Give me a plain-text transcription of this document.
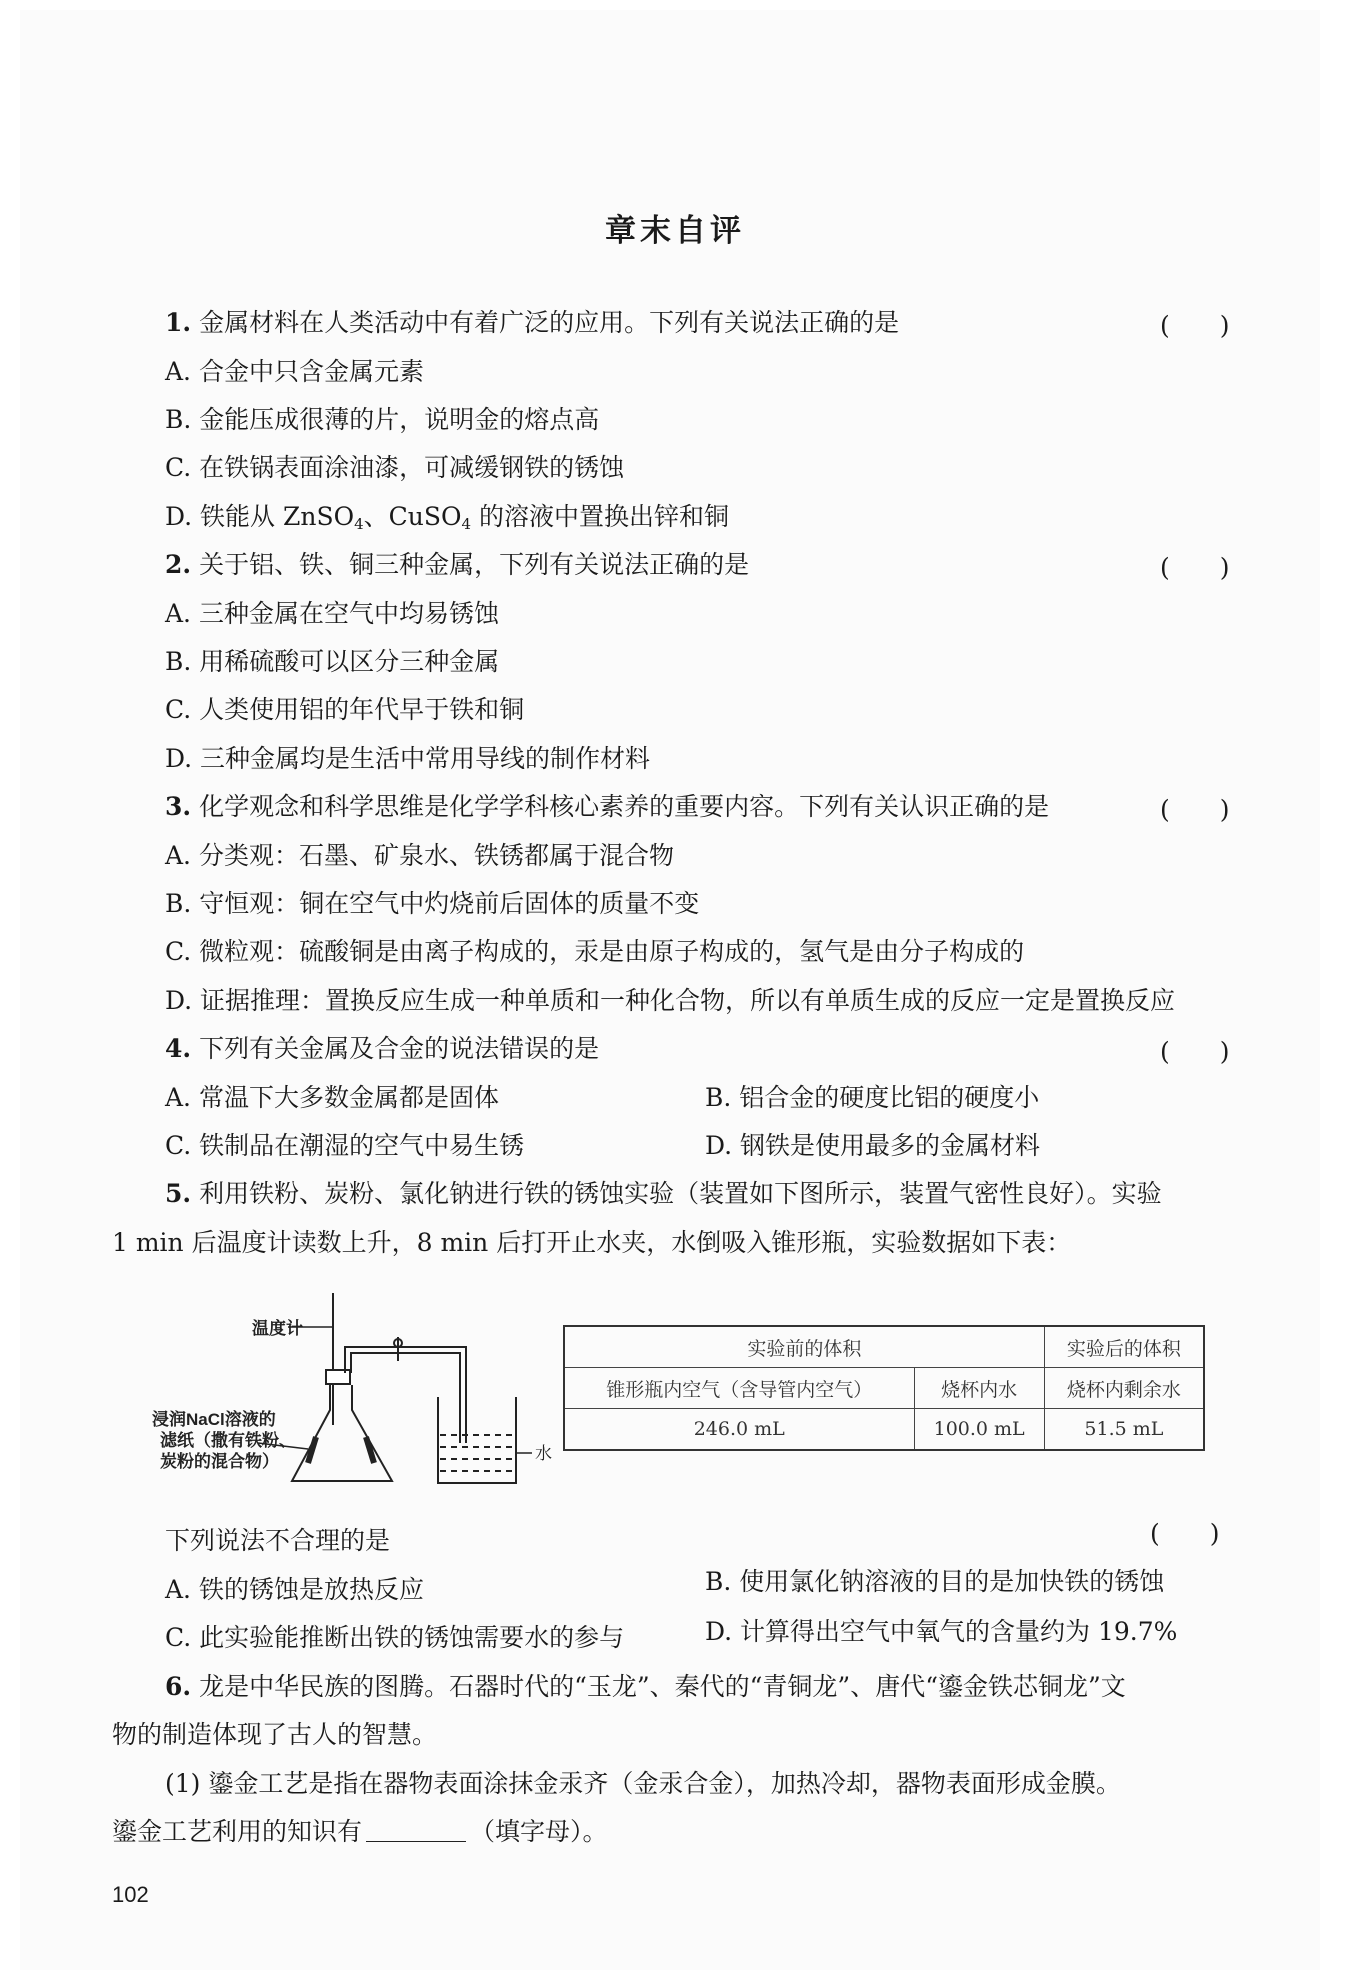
章末自评
1. 金属材料在人类活动中有着广泛的应用。下列有关说法正确的是	(　　)
A. 合金中只含金属元素
B. 金能压成很薄的片，说明金的熔点高
C. 在铁锅表面涂油漆，可减缓钢铁的锈蚀
D. 铁能从 ZnSO$_4$、CuSO$_4$ 的溶液中置换出锌和铜
2. 关于铝、铁、铜三种金属，下列有关说法正确的是	(　　)
A. 三种金属在空气中均易锈蚀
B. 用稀硫酸可以区分三种金属
C. 人类使用铝的年代早于铁和铜
D. 三种金属均是生活中常用导线的制作材料
3. 化学观念和科学思维是化学学科核心素养的重要内容。下列有关认识正确的是	(　　)
A. 分类观：石墨、矿泉水、铁锈都属于混合物
B. 守恒观：铜在空气中灼烧前后固体的质量不变
C. 微粒观：硫酸铜是由离子构成的，汞是由原子构成的，氢气是由分子构成的
D. 证据推理：置换反应生成一种单质和一种化合物，所以有单质生成的反应一定是置换反应
4. 下列有关金属及合金的说法错误的是	(　　)
A. 常温下大多数金属都是固体	B. 铝合金的硬度比铝的硬度小
C. 铁制品在潮湿的空气中易生锈	D. 钢铁是使用最多的金属材料
5. 利用铁粉、炭粉、氯化钠进行铁的锈蚀实验（装置如下图所示，装置气密性良好）。实验
1 min 后温度计读数上升，8 min 后打开止水夹，水倒吸入锥形瓶，实验数据如下表：
温度计
浸润NaCl溶液的
滤纸（撒有铁粉、
炭粉的混合物）	水
实验前的体积		实验后的体积
锥形瓶内空气（含导管内空气）	烧杯内水	烧杯内剩余水
246.0 mL	100.0 mL	51.5 mL
下列说法不合理的是	(　　)
A. 铁的锈蚀是放热反应	B. 使用氯化钠溶液的目的是加快铁的锈蚀
C. 此实验能推断出铁的锈蚀需要水的参与	D. 计算得出空气中氧气的含量约为 19.7%
6. 龙是中华民族的图腾。石器时代的“玉龙”、秦代的“青铜龙”、唐代“鎏金铁芯铜龙”文
物的制造体现了古人的智慧。
(1) 鎏金工艺是指在器物表面涂抹金汞齐（金汞合金），加热冷却，器物表面形成金膜。
鎏金工艺利用的知识有	（填字母）。
102
